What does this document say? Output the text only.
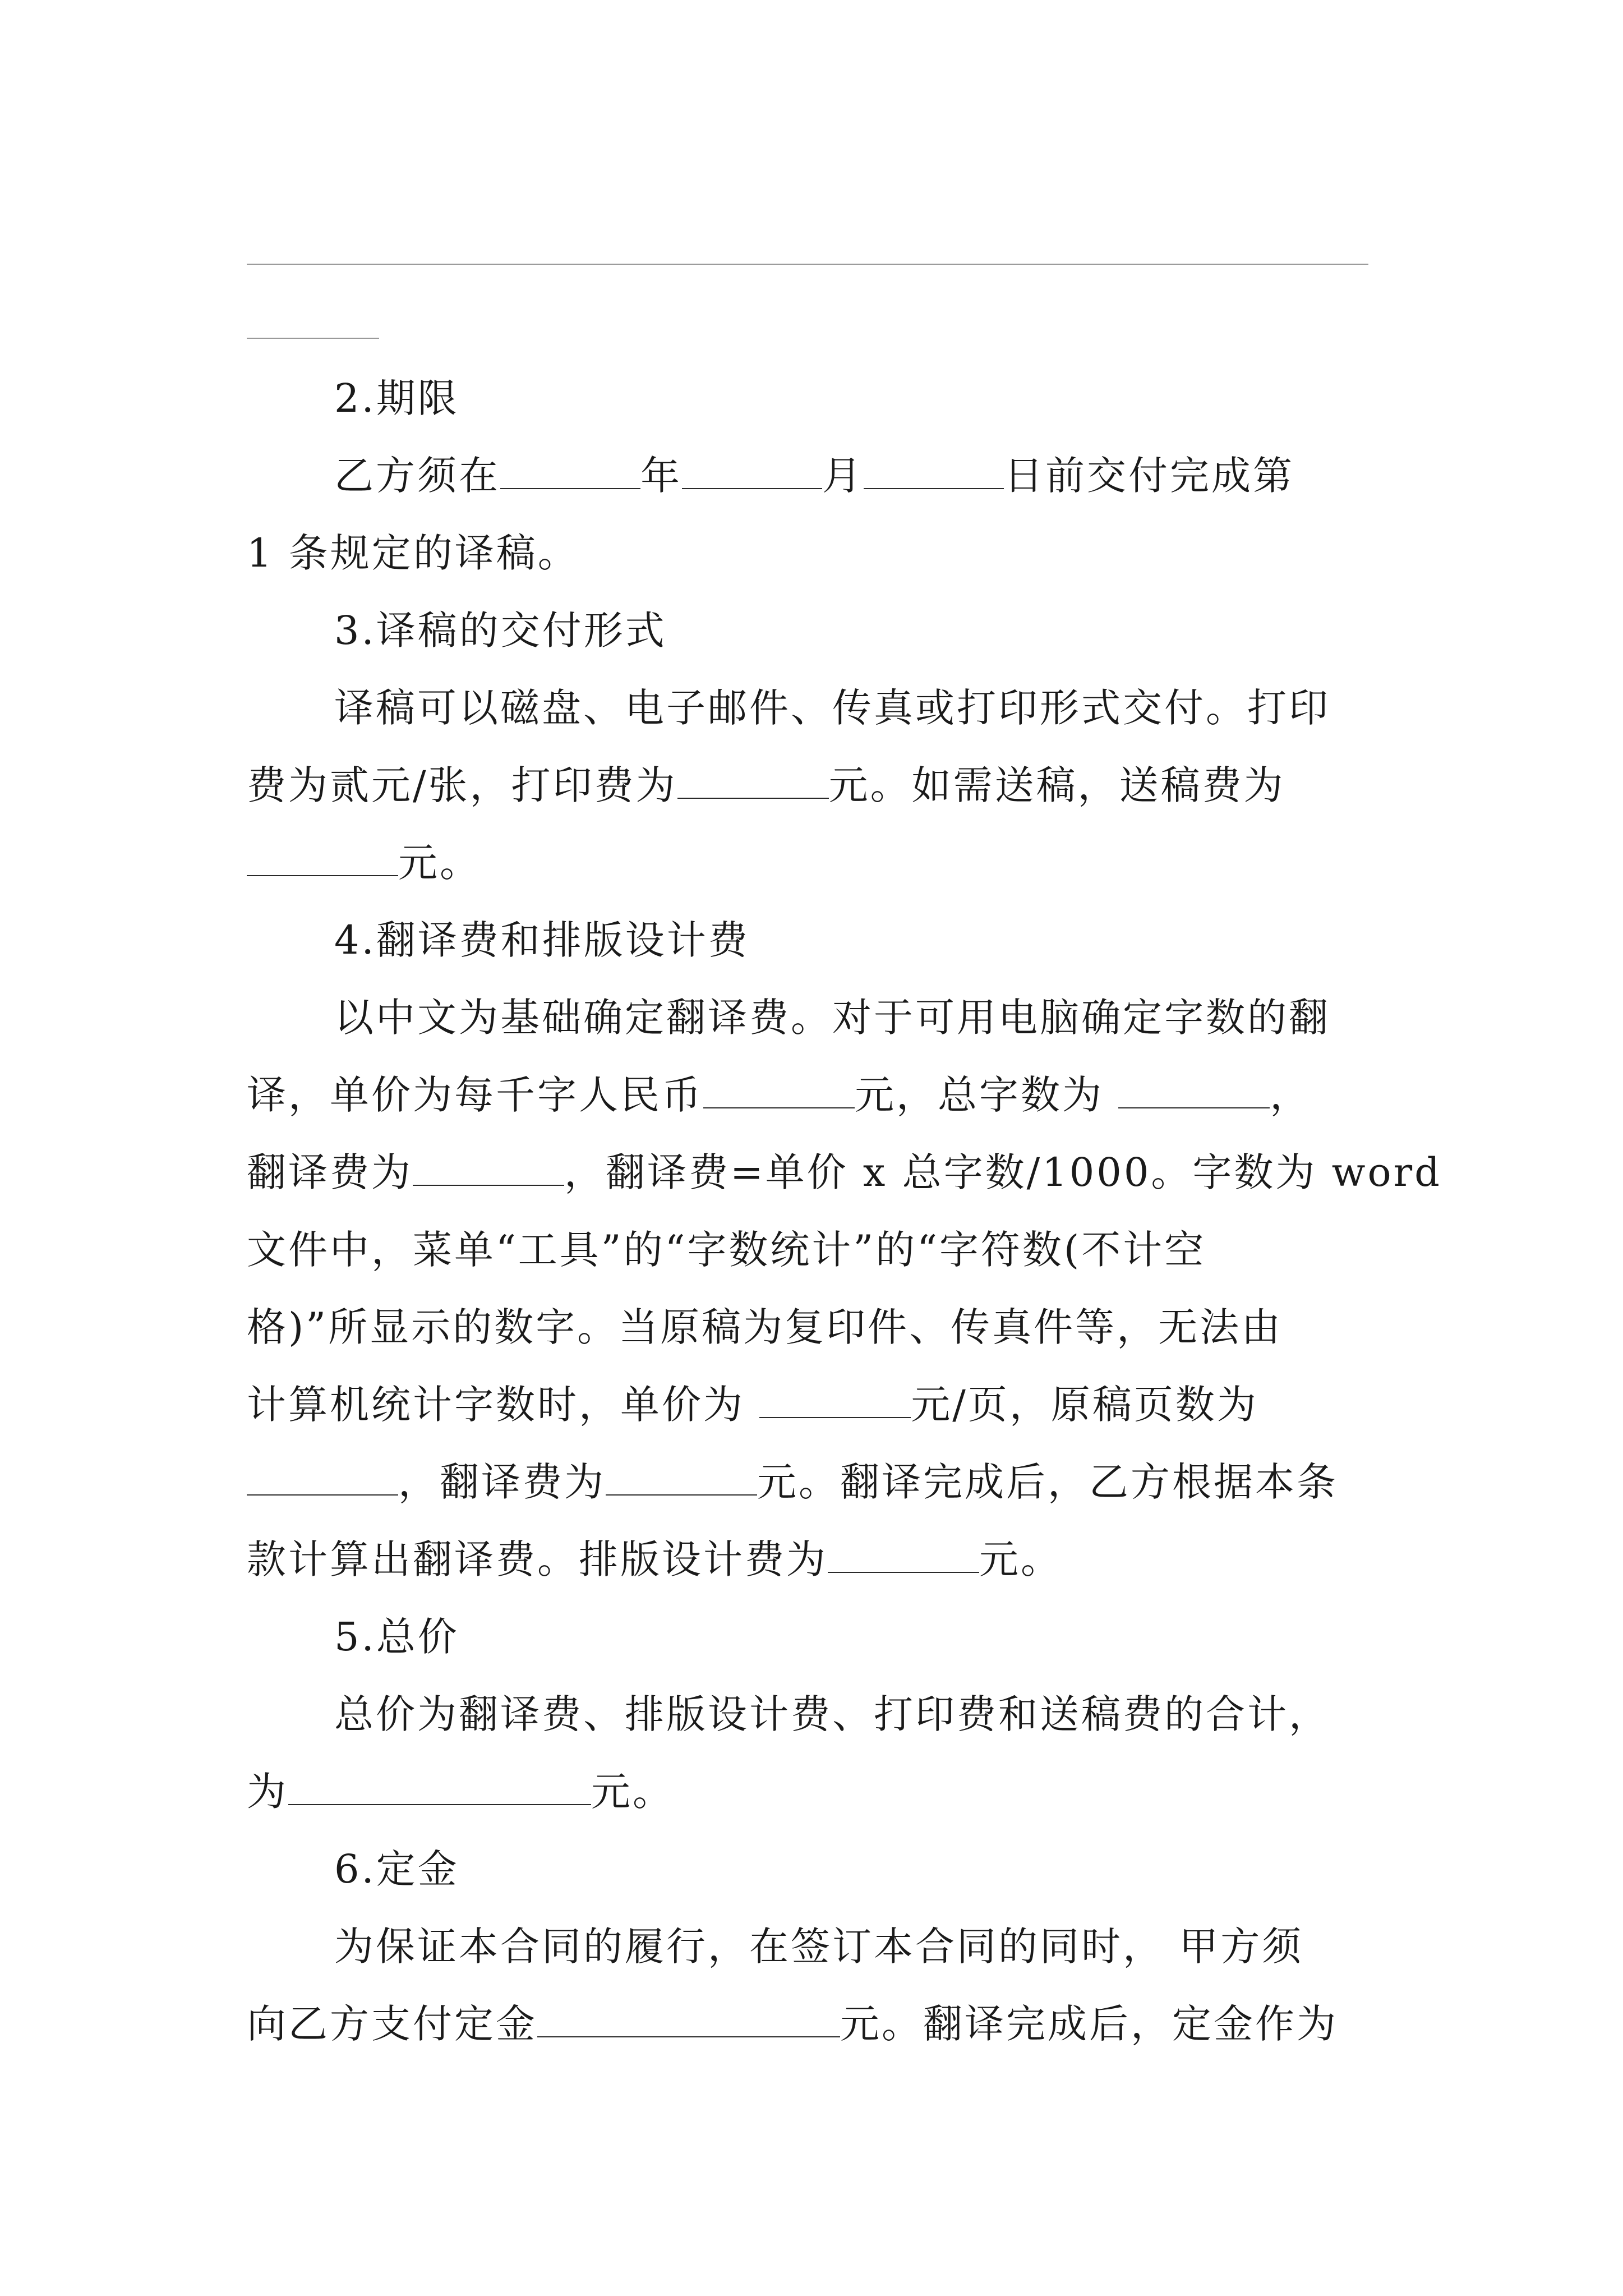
2.期限
乙方须在	年	月	日前交付完成第
1 条规定的译稿。
3.译稿的交付形式
译稿可以磁盘、电子邮件、传真或打印形式交付。打印
费为贰元/张，打印费为	元。如需送稿，送稿费为
元。
4.翻译费和排版设计费
以中文为基础确定翻译费。对于可用电脑确定字数的翻
译，单价为每千字人民币	元，总字数为	，
翻译费为	，翻译费=单价 x 总字数/1000。字数为 word
文件中，菜单“工具”的“字数统计”的“字符数(不计空
格)”所显示的数字。当原稿为复印件、传真件等，无法由
计算机统计字数时，单价为	元/页，原稿页数为
，翻译费为	元。翻译完成后，乙方根据本条
款计算出翻译费。排版设计费为	元。
5.总价
总价为翻译费、排版设计费、打印费和送稿费的合计，
为	元。
6.定金
为保证本合同的履行，在签订本合同的同时， 甲方须
向乙方支付定金	元。翻译完成后，定金作为
